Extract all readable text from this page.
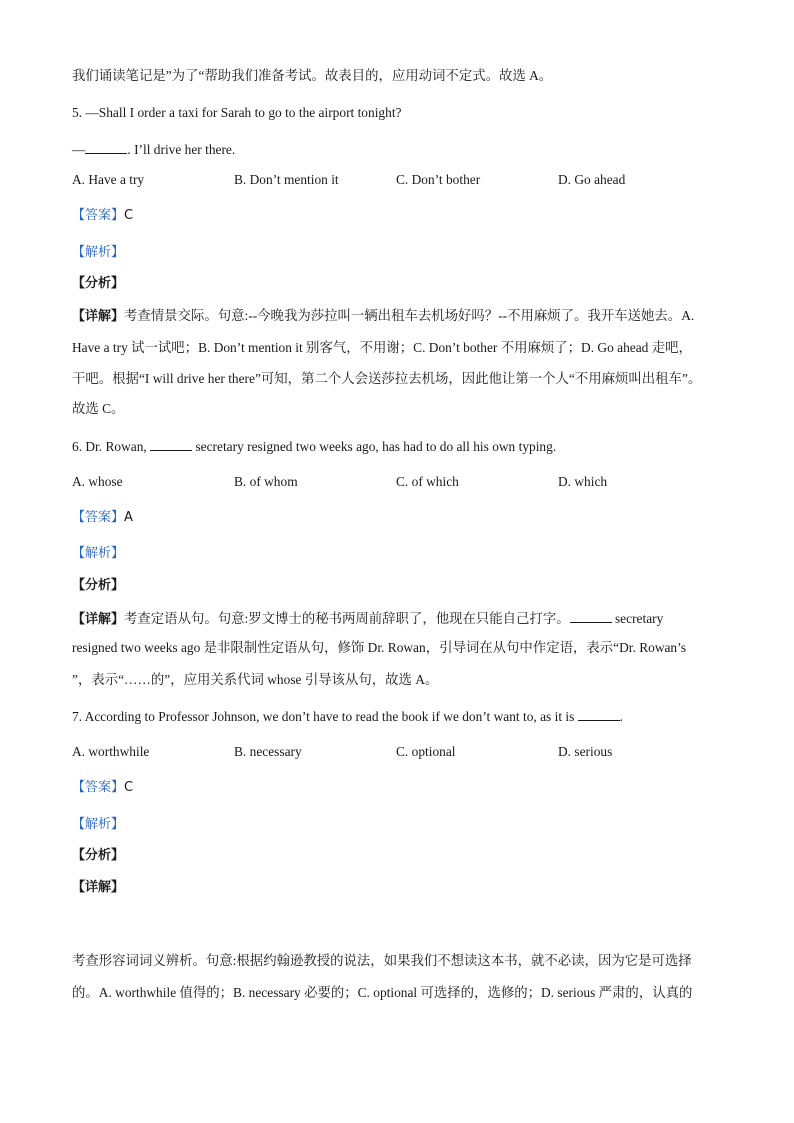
我们诵读笔记是”为了“帮助我们准备考试。故表目的，应用动词不定式。故选 A。
5. —Shall I order a taxi for Sarah to go to the airport tonight?
—	. I’ll drive her there.
A. Have a try	B. Don’t mention it	C. Don’t bother	D. Go ahead
【答案】C
【解析】
【分析】
【详解】考查情景交际。句意:--今晚我为莎拉叫一辆出租车去机场好吗？--不用麻烦了。我开车送她去。A.
Have a try 试一试吧；B. Don’t mention it 别客气，不用谢；C. Don’t bother 不用麻烦了；D. Go ahead 走吧，
干吧。根据“I will drive her there”可知，第二个人会送莎拉去机场，因此他让第一个人“不用麻烦叫出租车”。
故选 C。
6. Dr. Rowan,	secretary resigned two weeks ago, has had to do all his own typing.
A. whose	B. of whom	C. of which	D. which
【答案】A
【解析】
【分析】
【详解】考查定语从句。句意:罗文博士的秘书两周前辞职了，他现在只能自己打字。	secretary
resigned two weeks ago 是非限制性定语从句，修饰 Dr. Rowan，引导词在从句中作定语，表示“Dr. Rowan’s
”，表示“……的”，应用关系代词 whose 引导该从句，故选 A。
7. According to Professor Johnson, we don’t have to read the book if we don’t want to, as it is	.
A. worthwhile	B. necessary	C. optional	D. serious
【答案】C
【解析】
【分析】
【详解】
考查形容词词义辨析。句意:根据约翰逊教授的说法，如果我们不想读这本书，就不必读，因为它是可选择
的。A. worthwhile 值得的；B. necessary 必要的；C. optional 可选择的，选修的；D. serious 严肃的，认真的
